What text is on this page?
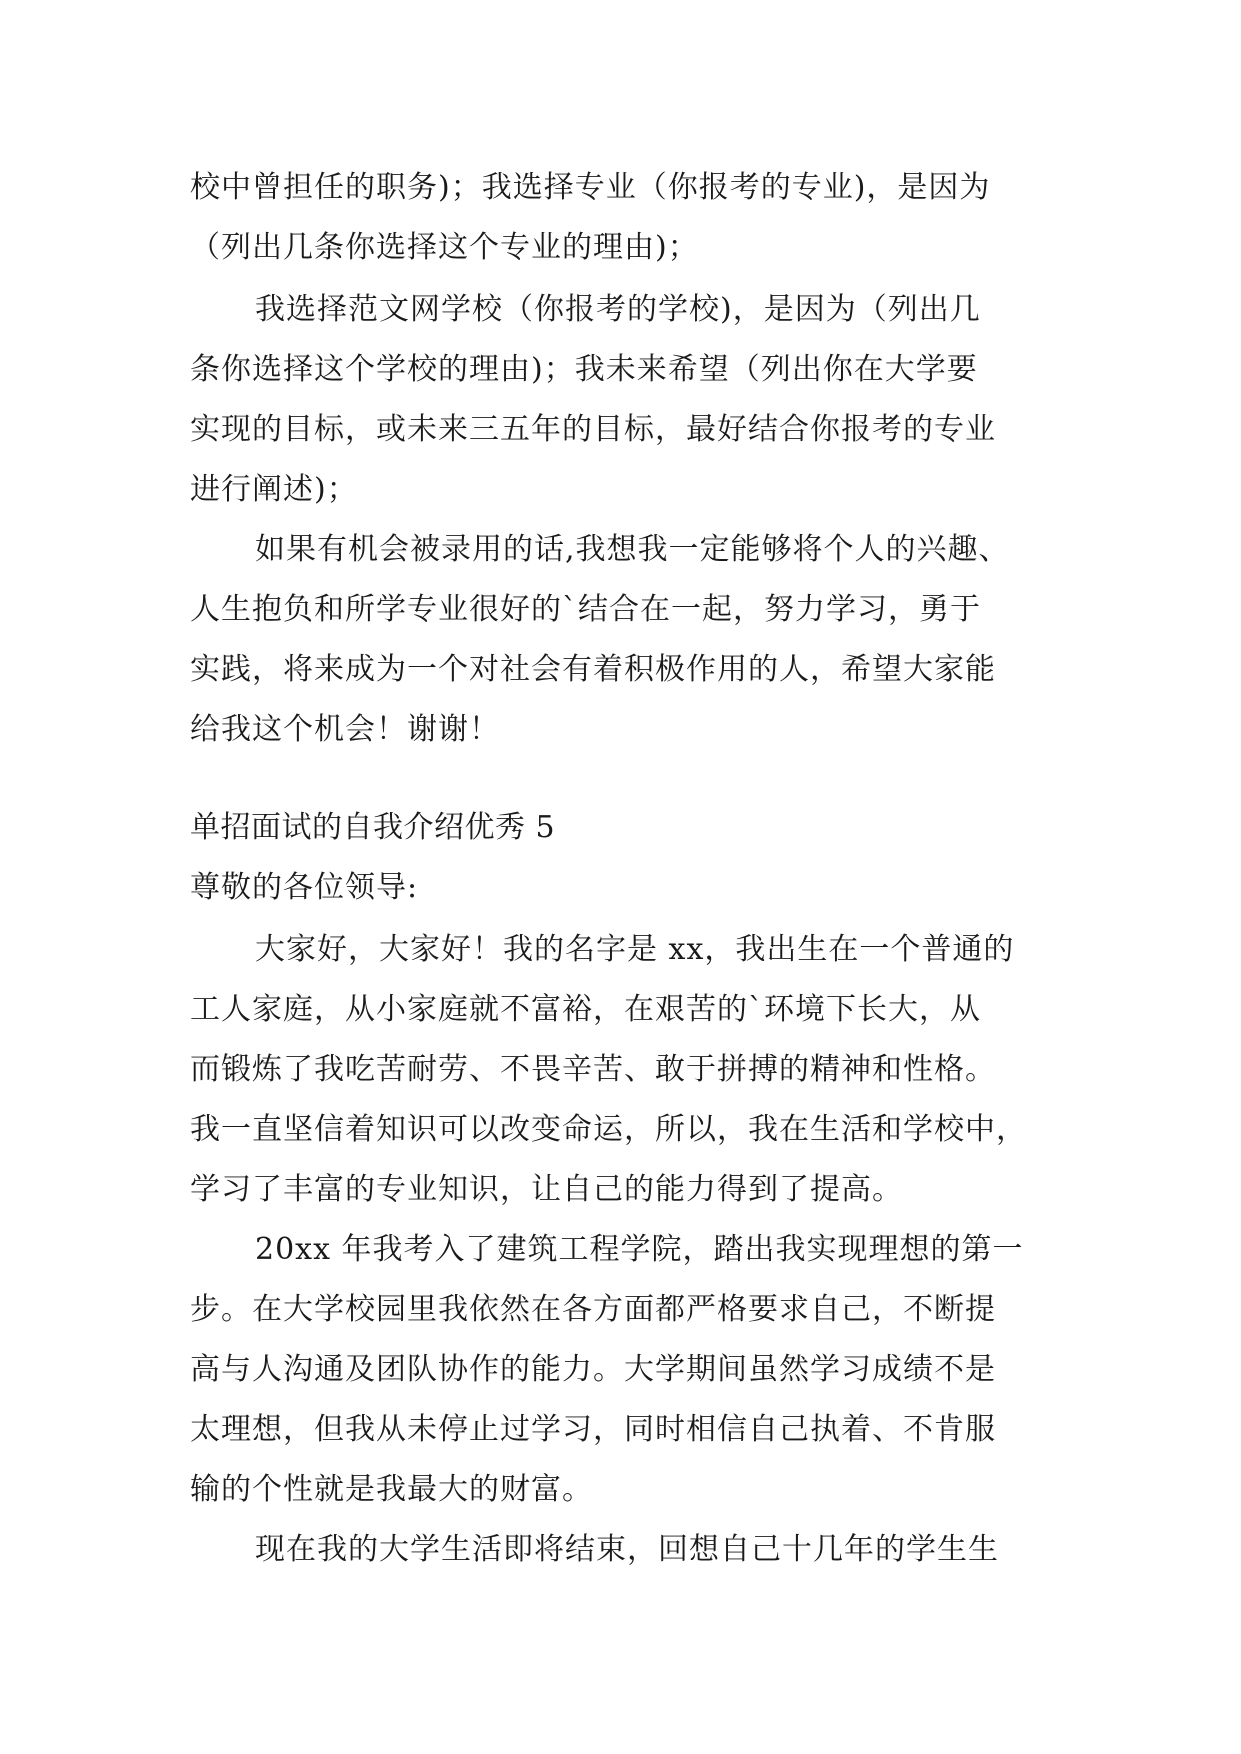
校中曾担任的职务)；我选择专业（你报考的专业)，是因为
（列出几条你选择这个专业的理由)；
我选择范文网学校（你报考的学校)，是因为（列出几
条你选择这个学校的理由)；我未来希望（列出你在大学要
实现的目标，或未来三五年的目标，最好结合你报考的专业
进行阐述)；
如果有机会被录用的话,我想我一定能够将个人的兴趣、
人生抱负和所学专业很好的`结合在一起，努力学习，勇于
实践，将来成为一个对社会有着积极作用的人，希望大家能
给我这个机会！谢谢！
单招面试的自我介绍优秀 5
尊敬的各位领导:
大家好，大家好！我的名字是 xx，我出生在一个普通的
工人家庭，从小家庭就不富裕，在艰苦的`环境下长大，从
而锻炼了我吃苦耐劳、不畏辛苦、敢于拼搏的精神和性格。
我一直坚信着知识可以改变命运，所以，我在生活和学校中，
学习了丰富的专业知识，让自己的能力得到了提高。
20xx 年我考入了建筑工程学院，踏出我实现理想的第一
步。在大学校园里我依然在各方面都严格要求自己，不断提
高与人沟通及团队协作的能力。大学期间虽然学习成绩不是
太理想，但我从未停止过学习，同时相信自己执着、不肯服
输的个性就是我最大的财富。
现在我的大学生活即将结束，回想自己十几年的学生生
